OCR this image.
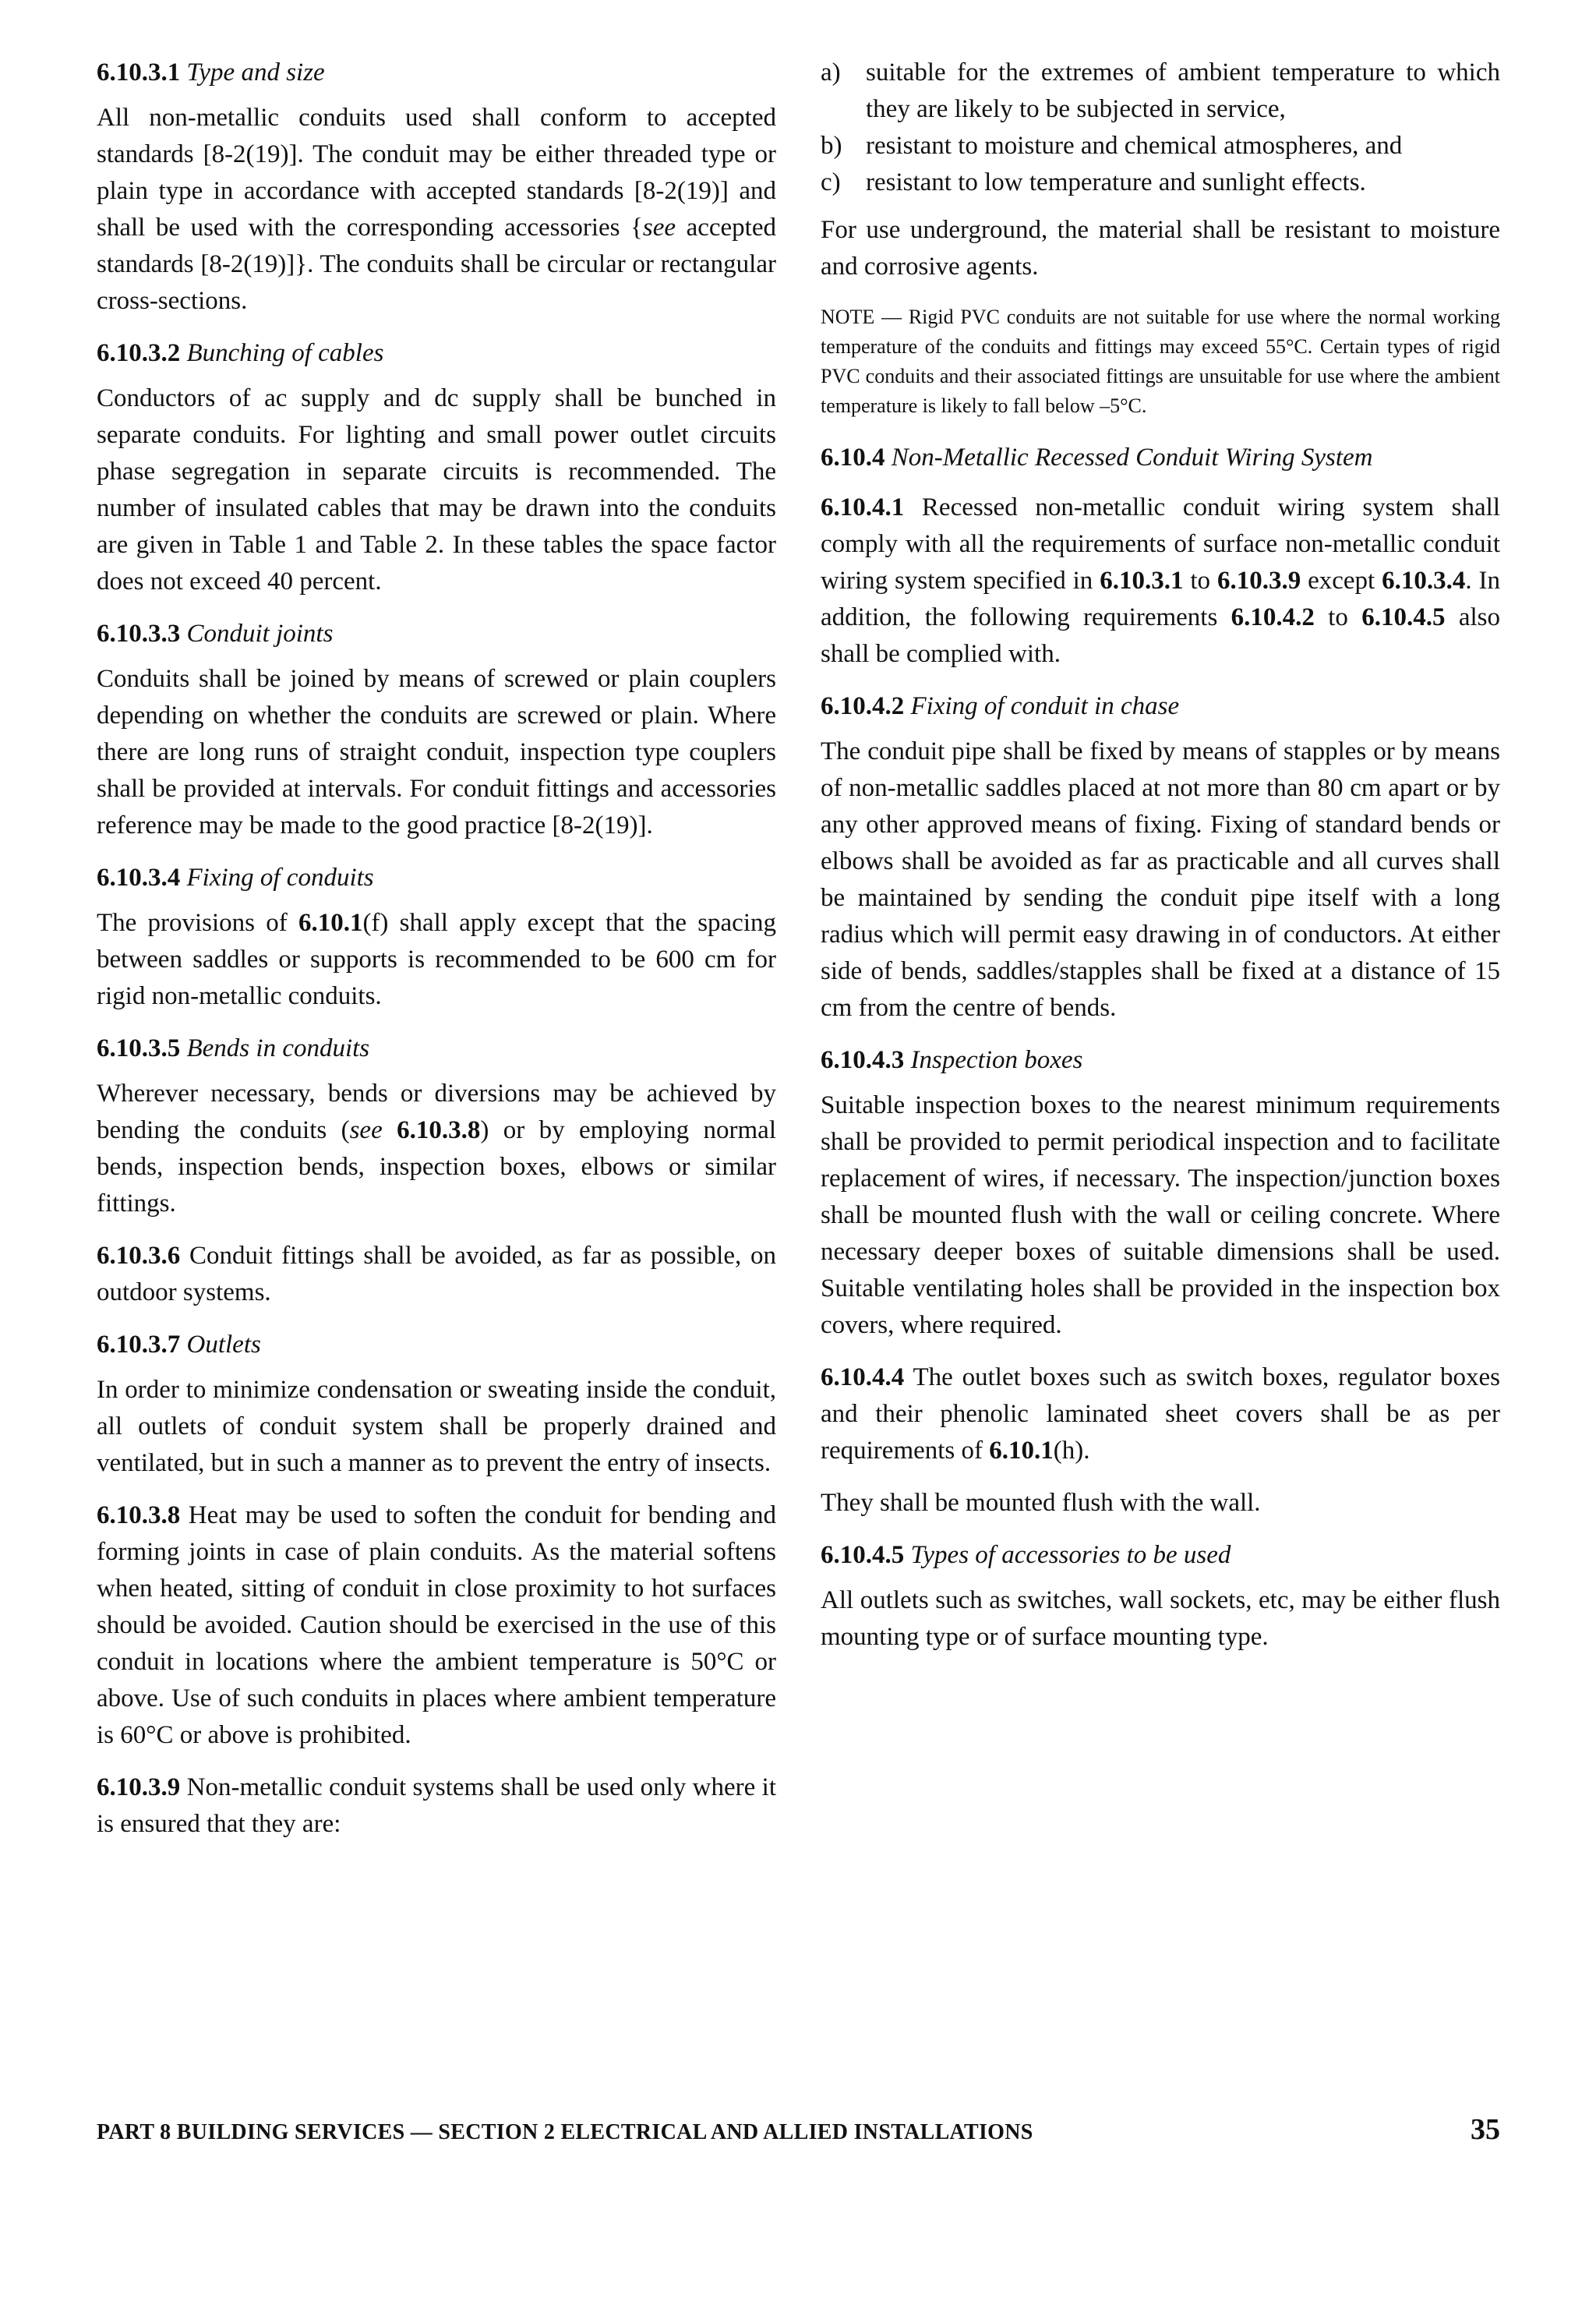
6.10.3.1 Type and size

All non-metallic conduits used shall conform to accepted standards [8-2(19)]. The conduit may be either threaded type or plain type in accordance with accepted standards [8-2(19)] and shall be used with the corresponding accessories {see accepted standards [8-2(19)]}. The conduits shall be circular or rectangular cross-sections.

6.10.3.2 Bunching of cables

Conductors of ac supply and dc supply shall be bunched in separate conduits. For lighting and small power outlet circuits phase segregation in separate circuits is recommended. The number of insulated cables that may be drawn into the conduits are given in Table 1 and Table 2. In these tables the space factor does not exceed 40 percent.

6.10.3.3 Conduit joints

Conduits shall be joined by means of screwed or plain couplers depending on whether the conduits are screwed or plain. Where there are long runs of straight conduit, inspection type couplers shall be provided at intervals. For conduit fittings and accessories reference may be made to the good practice [8-2(19)].

6.10.3.4 Fixing of conduits

The provisions of 6.10.1(f) shall apply except that the spacing between saddles or supports is recommended to be 600 cm for rigid non-metallic conduits.

6.10.3.5 Bends in conduits

Wherever necessary, bends or diversions may be achieved by bending the conduits (see 6.10.3.8) or by employing normal bends, inspection bends, inspection boxes, elbows or similar fittings.

6.10.3.6 Conduit fittings shall be avoided, as far as possible, on outdoor systems.

6.10.3.7 Outlets

In order to minimize condensation or sweating inside the conduit, all outlets of conduit system shall be properly drained and ventilated, but in such a manner as to prevent the entry of insects.

6.10.3.8 Heat may be used to soften the conduit for bending and forming joints in case of plain conduits. As the material softens when heated, sitting of conduit in close proximity to hot surfaces should be avoided. Caution should be exercised in the use of this conduit in locations where the ambient temperature is 50°C or above. Use of such conduits in places where ambient temperature is 60°C or above is prohibited.

6.10.3.9 Non-metallic conduit systems shall be used only where it is ensured that they are:

a) suitable for the extremes of ambient temperature to which they are likely to be subjected in service,
b) resistant to moisture and chemical atmospheres, and
c) resistant to low temperature and sunlight effects.

For use underground, the material shall be resistant to moisture and corrosive agents.

NOTE — Rigid PVC conduits are not suitable for use where the normal working temperature of the conduits and fittings may exceed 55°C. Certain types of rigid PVC conduits and their associated fittings are unsuitable for use where the ambient temperature is likely to fall below –5°C.

6.10.4 Non-Metallic Recessed Conduit Wiring System

6.10.4.1 Recessed non-metallic conduit wiring system shall comply with all the requirements of surface non-metallic conduit wiring system specified in 6.10.3.1 to 6.10.3.9 except 6.10.3.4. In addition, the following requirements 6.10.4.2 to 6.10.4.5 also shall be complied with.

6.10.4.2 Fixing of conduit in chase

The conduit pipe shall be fixed by means of stapples or by means of non-metallic saddles placed at not more than 80 cm apart or by any other approved means of fixing. Fixing of standard bends or elbows shall be avoided as far as practicable and all curves shall be maintained by sending the conduit pipe itself with a long radius which will permit easy drawing in of conductors. At either side of bends, saddles/stapples shall be fixed at a distance of 15 cm from the centre of bends.

6.10.4.3 Inspection boxes

Suitable inspection boxes to the nearest minimum requirements shall be provided to permit periodical inspection and to facilitate replacement of wires, if necessary. The inspection/junction boxes shall be mounted flush with the wall or ceiling concrete. Where necessary deeper boxes of suitable dimensions shall be used. Suitable ventilating holes shall be provided in the inspection box covers, where required.

6.10.4.4 The outlet boxes such as switch boxes, regulator boxes and their phenolic laminated sheet covers shall be as per requirements of 6.10.1(h).

They shall be mounted flush with the wall.

6.10.4.5 Types of accessories to be used

All outlets such as switches, wall sockets, etc, may be either flush mounting type or of surface mounting type.

PART 8 BUILDING SERVICES — SECTION 2 ELECTRICAL AND ALLIED INSTALLATIONS	35
